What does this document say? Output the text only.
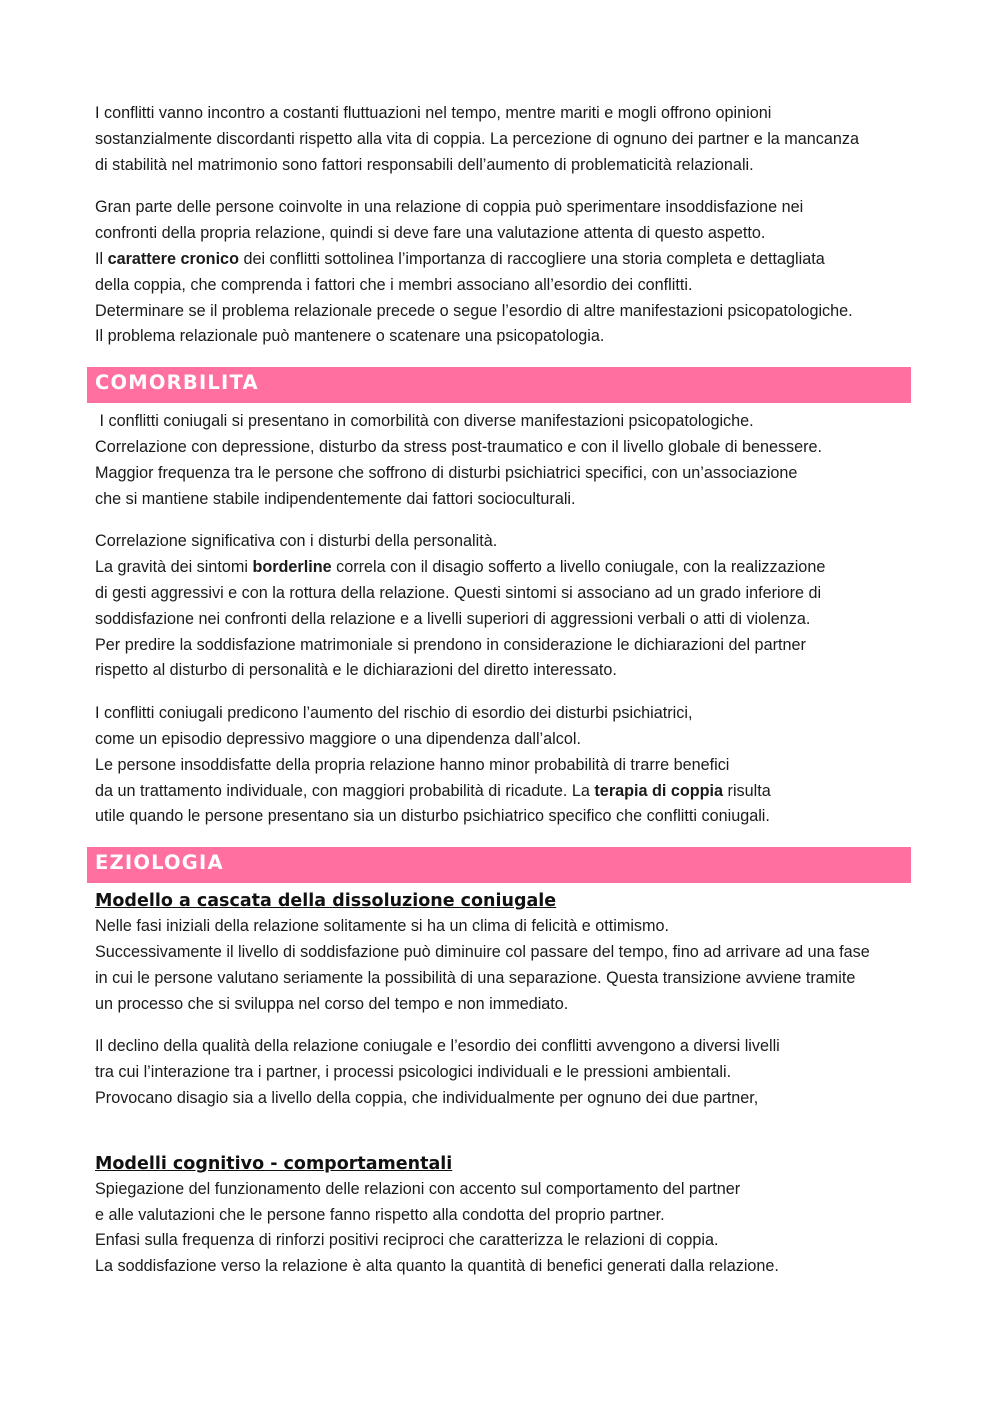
I conflitti vanno incontro a costanti fluttuazioni nel tempo, mentre mariti e mogli offrono opinioni
sostanzialmente discordanti rispetto alla vita di coppia. La percezione di ognuno dei partner e la mancanza
di stabilità nel matrimonio sono fattori responsabili dell’aumento di problematicità relazionali.
Gran parte delle persone coinvolte in una relazione di coppia può sperimentare insoddisfazione nei
confronti della propria relazione, quindi si deve fare una valutazione attenta di questo aspetto.
Il carattere cronico dei conflitti sottolinea l’importanza di raccogliere una storia completa e dettagliata
della coppia, che comprenda i fattori che i membri associano all’esordio dei conflitti.
Determinare se il problema relazionale precede o segue l’esordio di altre manifestazioni psicopatologiche.
Il problema relazionale può mantenere o scatenare una psicopatologia.
COMORBILITA
I conflitti coniugali si presentano in comorbilità con diverse manifestazioni psicopatologiche.
Correlazione con depressione, disturbo da stress post-traumatico e con il livello globale di benessere.
Maggior frequenza tra le persone che soffrono di disturbi psichiatrici specifici, con un’associazione
che si mantiene stabile indipendentemente dai fattori socioculturali.
Correlazione significativa con i disturbi della personalità.
La gravità dei sintomi borderline correla con il disagio sofferto a livello coniugale, con la realizzazione
di gesti aggressivi e con la rottura della relazione. Questi sintomi si associano ad un grado inferiore di
soddisfazione nei confronti della relazione e a livelli superiori di aggressioni verbali o atti di violenza.
Per predire la soddisfazione matrimoniale si prendono in considerazione le dichiarazioni del partner
rispetto al disturbo di personalità e le dichiarazioni del diretto interessato.
I conflitti coniugali predicono l’aumento del rischio di esordio dei disturbi psichiatrici,
come un episodio depressivo maggiore o una dipendenza dall’alcol.
Le persone insoddisfatte della propria relazione hanno minor probabilità di trarre benefici
da un trattamento individuale, con maggiori probabilità di ricadute. La terapia di coppia risulta
utile quando le persone presentano sia un disturbo psichiatrico specifico che conflitti coniugali.
EZIOLOGIA
Modello a cascata della dissoluzione coniugale
Nelle fasi iniziali della relazione solitamente si ha un clima di felicità e ottimismo.
Successivamente il livello di soddisfazione può diminuire col passare del tempo, fino ad arrivare ad una fase
in cui le persone valutano seriamente la possibilità di una separazione. Questa transizione avviene tramite
un processo che si sviluppa nel corso del tempo e non immediato.
Il declino della qualità della relazione coniugale e l’esordio dei conflitti avvengono a diversi livelli
tra cui l’interazione tra i partner, i processi psicologici individuali e le pressioni ambientali.
Provocano disagio sia a livello della coppia, che individualmente per ognuno dei due partner,
Modelli cognitivo - comportamentali
Spiegazione del funzionamento delle relazioni con accento sul comportamento del partner
e alle valutazioni che le persone fanno rispetto alla condotta del proprio partner.
Enfasi sulla frequenza di rinforzi positivi reciproci che caratterizza le relazioni di coppia.
La soddisfazione verso la relazione è alta quanto la quantità di benefici generati dalla relazione.
